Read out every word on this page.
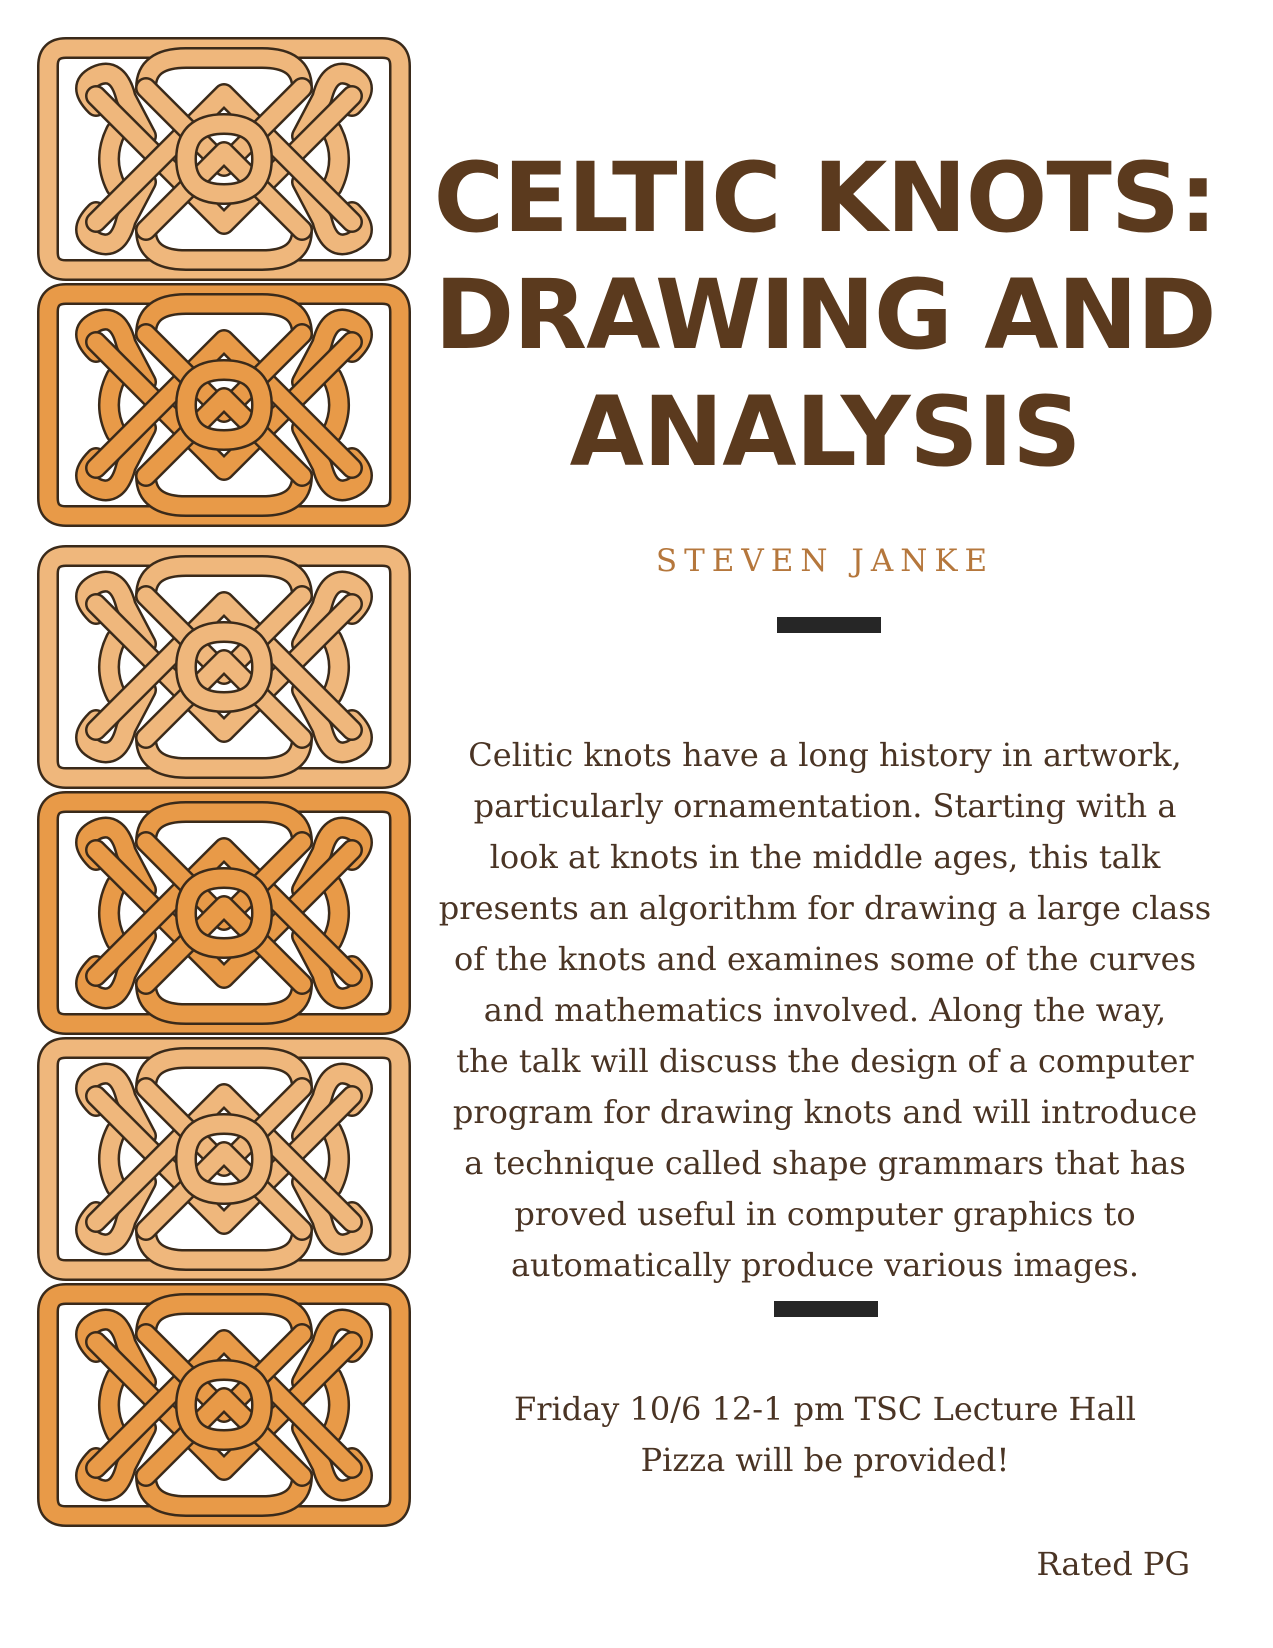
CELTIC KNOTS:
DRAWING AND
ANALYSIS
STEVEN JANKE
Celitic knots have a long history in artwork,
particularly ornamentation. Starting with a
look at knots in the middle ages, this talk
presents an algorithm for drawing a large class
of the knots and examines some of the curves
and mathematics involved. Along the way,
the talk will discuss the design of a computer
program for drawing knots and will introduce
a technique called shape grammars that has
proved useful in computer graphics to
automatically produce various images.
Friday 10/6 12-1 pm TSC Lecture Hall
Pizza will be provided!
Rated PG
